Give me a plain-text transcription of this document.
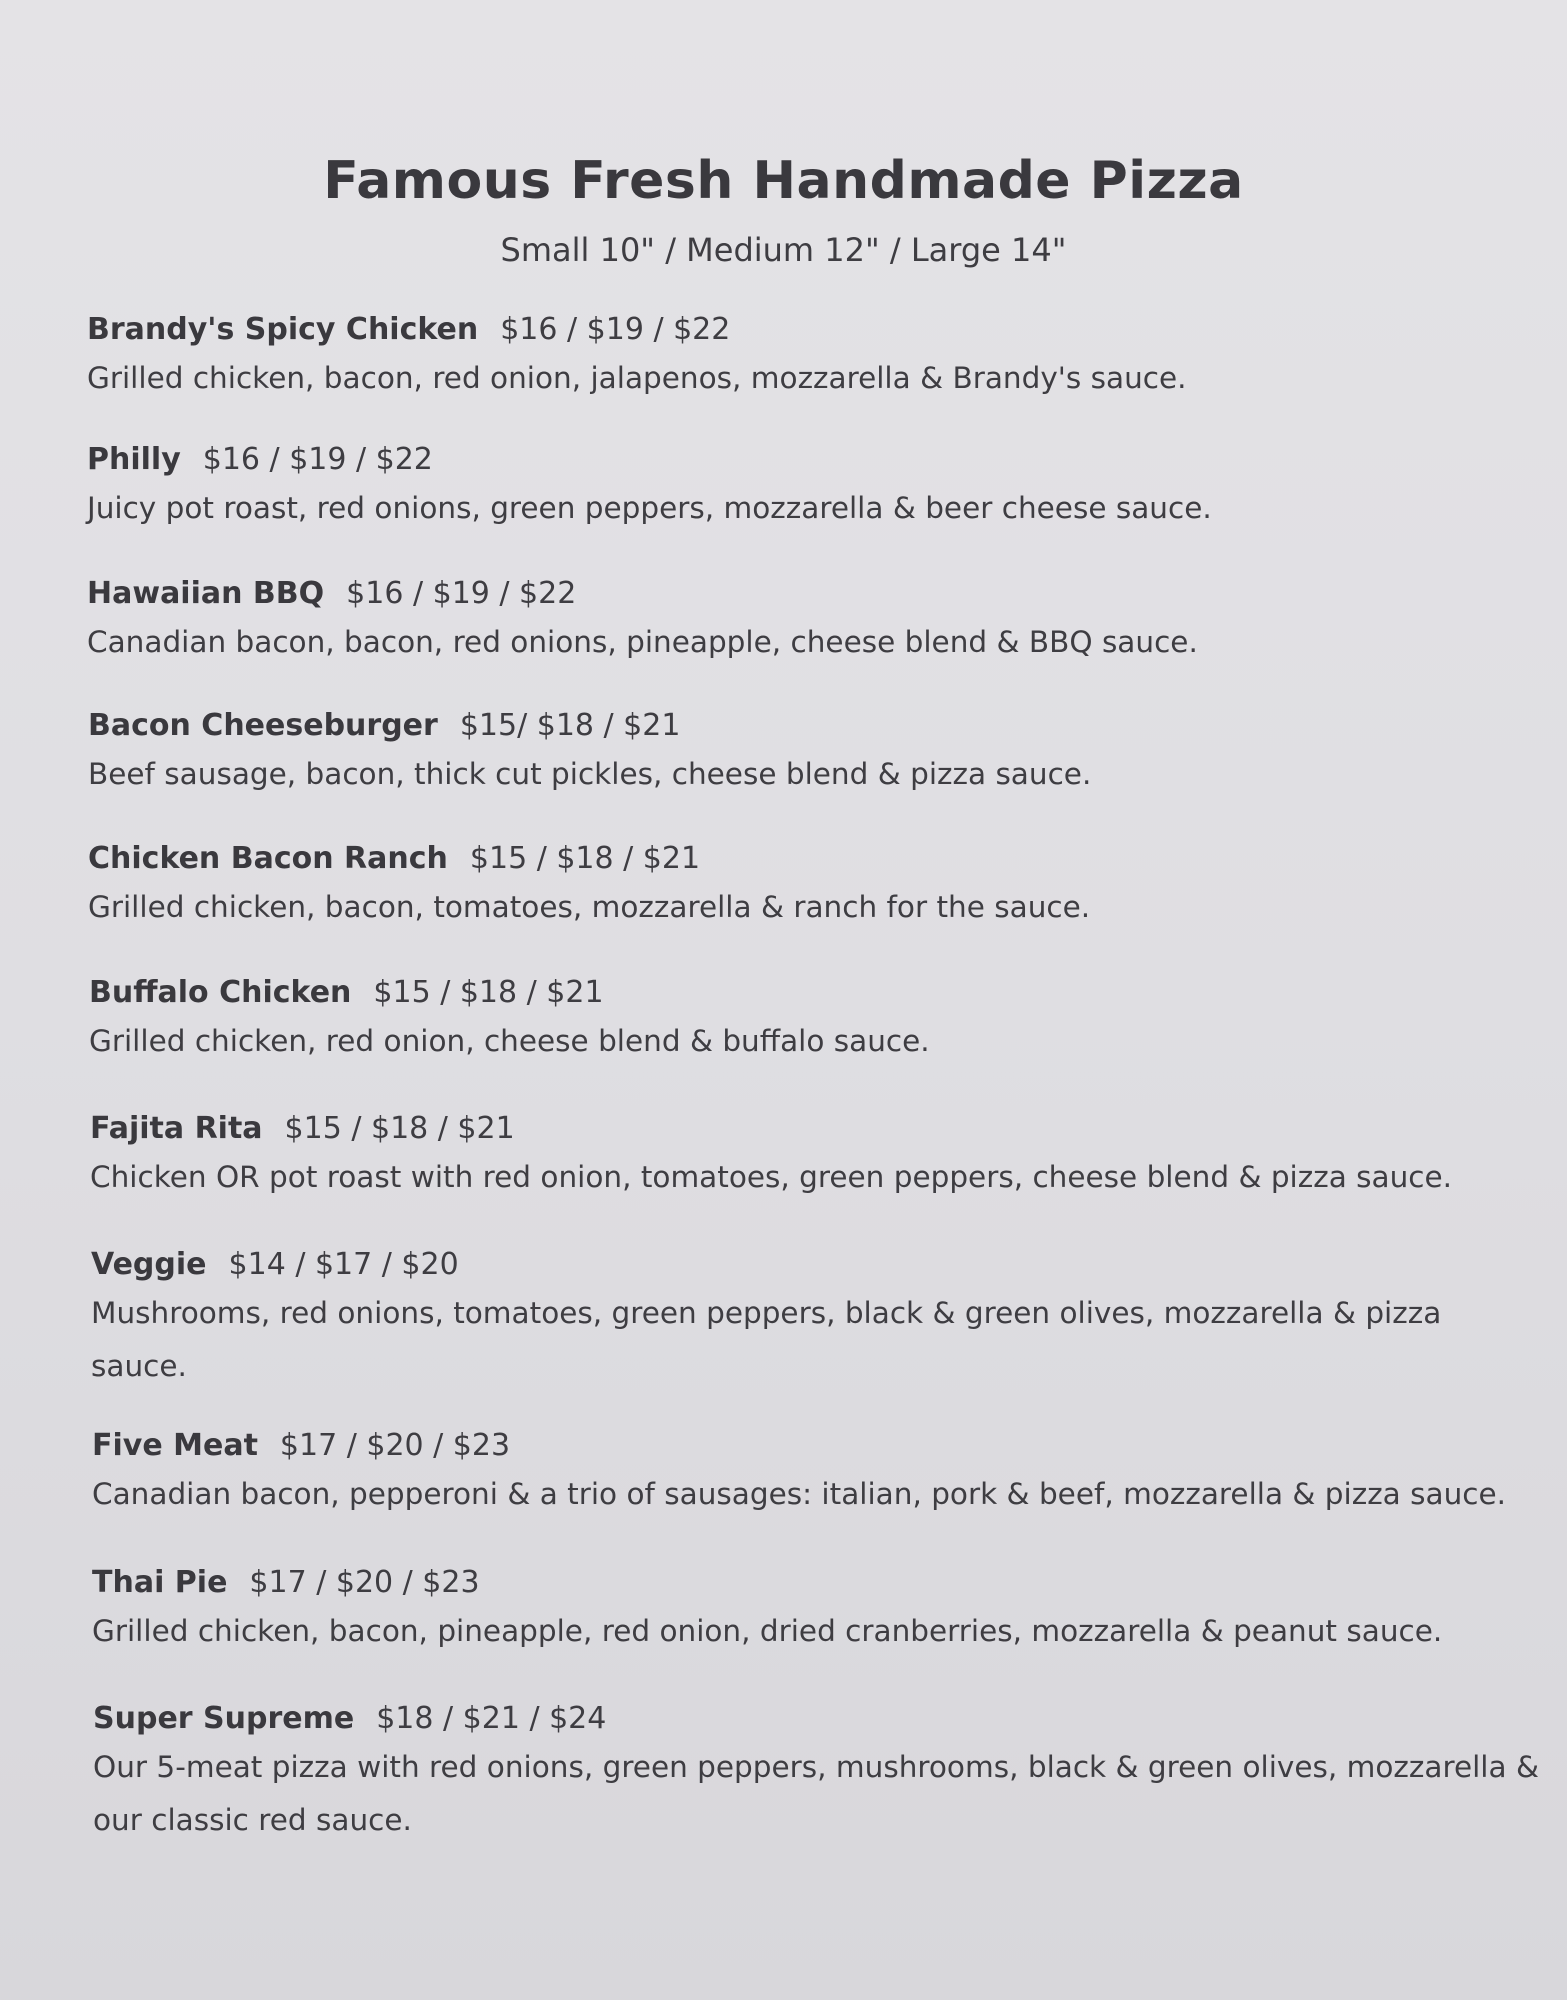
Famous Fresh Handmade Pizza
Small 10" / Medium 12" / Large 14"
Brandy's Spicy Chicken $16 / $19 / $22
Grilled chicken, bacon, red onion, jalapenos, mozzarella & Brandy's sauce.
Philly $16 / $19 / $22
Juicy pot roast, red onions, green peppers, mozzarella & beer cheese sauce.
Hawaiian BBQ $16 / $19 / $22
Canadian bacon, bacon, red onions, pineapple, cheese blend & BBQ sauce.
Bacon Cheeseburger $15/ $18 / $21
Beef sausage, bacon, thick cut pickles, cheese blend & pizza sauce.
Chicken Bacon Ranch $15 / $18 / $21
Grilled chicken, bacon, tomatoes, mozzarella & ranch for the sauce.
Buffalo Chicken $15 / $18 / $21
Grilled chicken, red onion, cheese blend & buffalo sauce.
Fajita Rita $15 / $18 / $21
Chicken OR pot roast with red onion, tomatoes, green peppers, cheese blend & pizza sauce.
Veggie $14 / $17 / $20
Mushrooms, red onions, tomatoes, green peppers, black & green olives, mozzarella & pizza sauce.
Five Meat $17 / $20 / $23
Canadian bacon, pepperoni & a trio of sausages: italian, pork & beef, mozzarella & pizza sauce.
Thai Pie $17 / $20 / $23
Grilled chicken, bacon, pineapple, red onion, dried cranberries, mozzarella & peanut sauce.
Super Supreme $18 / $21 / $24
Our 5-meat pizza with red onions, green peppers, mushrooms, black & green olives, mozzarella & our classic red sauce.
